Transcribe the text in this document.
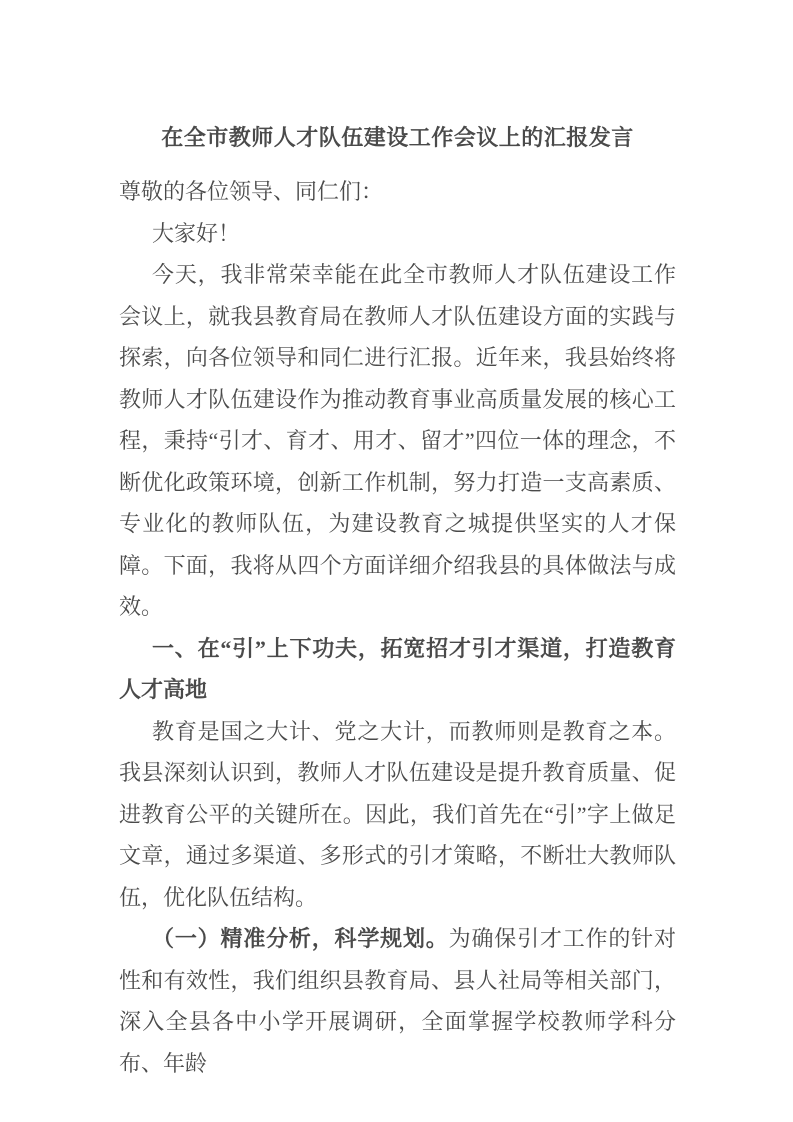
在全市教师人才队伍建设工作会议上的汇报发言

尊敬的各位领导、同仁们：

大家好！

今天，我非常荣幸能在此全市教师人才队伍建设工作会议上，就我县教育局在教师人才队伍建设方面的实践与探索，向各位领导和同仁进行汇报。近年来，我县始终将教师人才队伍建设作为推动教育事业高质量发展的核心工程，秉持“引才、育才、用才、留才”四位一体的理念，不断优化政策环境，创新工作机制，努力打造一支高素质、专业化的教师队伍，为建设教育之城提供坚实的人才保障。下面，我将从四个方面详细介绍我县的具体做法与成效。

一、在“引”上下功夫，拓宽招才引才渠道，打造教育人才高地

教育是国之大计、党之大计，而教师则是教育之本。我县深刻认识到，教师人才队伍建设是提升教育质量、促进教育公平的关键所在。因此，我们首先在“引”字上做足文章，通过多渠道、多形式的引才策略，不断壮大教师队伍，优化队伍结构。

（一）精准分析，科学规划。为确保引才工作的针对性和有效性，我们组织县教育局、县人社局等相关部门，深入全县各中小学开展调研，全面掌握学校教师学科分布、年龄
